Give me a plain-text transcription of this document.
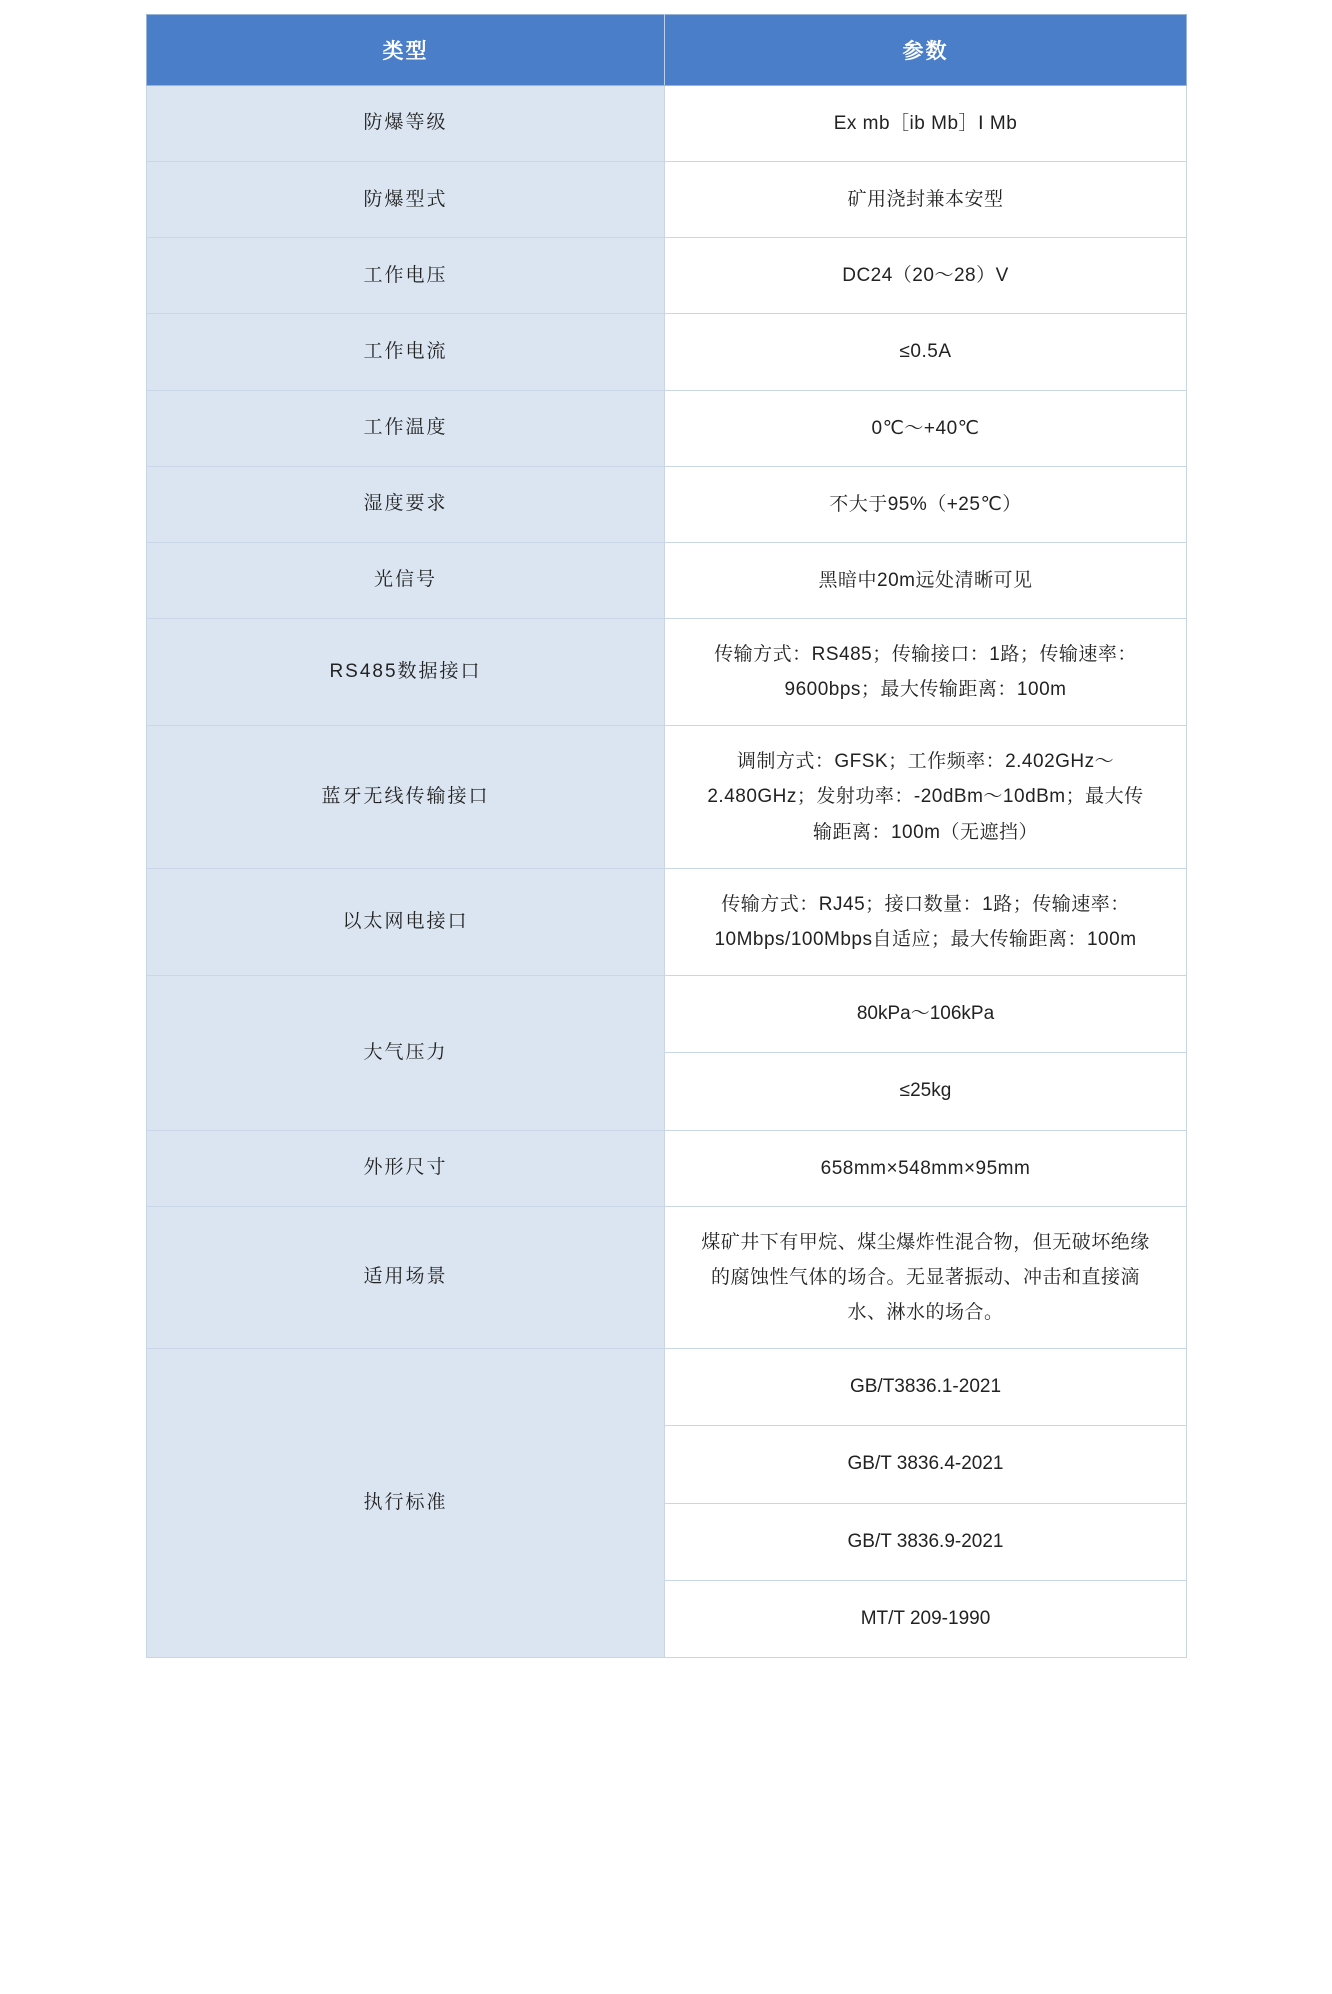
类型	参数
防爆等级	Ex mb［ib Mb］Ⅰ Mb
防爆型式	矿用浇封兼本安型
工作电压	DC24（20～28）V
工作电流	≤0.5A
工作温度	0℃～+40℃
湿度要求	不大于95%（+25℃）
光信号	黑暗中20m远处清晰可见
RS485数据接口	传输方式：RS485；传输接口：1路；传输速率：9600bps；最大传输距离：100m
蓝牙无线传输接口	调制方式：GFSK；工作频率：2.402GHz～2.480GHz；发射功率：-20dBm～10dBm；最大传输距离：100m（无遮挡）
以太网电接口	传输方式：RJ45；接口数量：1路；传输速率：10Mbps/100Mbps自适应；最大传输距离：100m
大气压力	80kPa～106kPa
	≤25kg
外形尺寸	658mm×548mm×95mm
适用场景	煤矿井下有甲烷、煤尘爆炸性混合物，但无破坏绝缘的腐蚀性气体的场合。无显著振动、冲击和直接滴水、淋水的场合。
执行标准	GB/T3836.1-2021
	GB/T 3836.4-2021
	GB/T 3836.9-2021
	MT/T 209-1990
